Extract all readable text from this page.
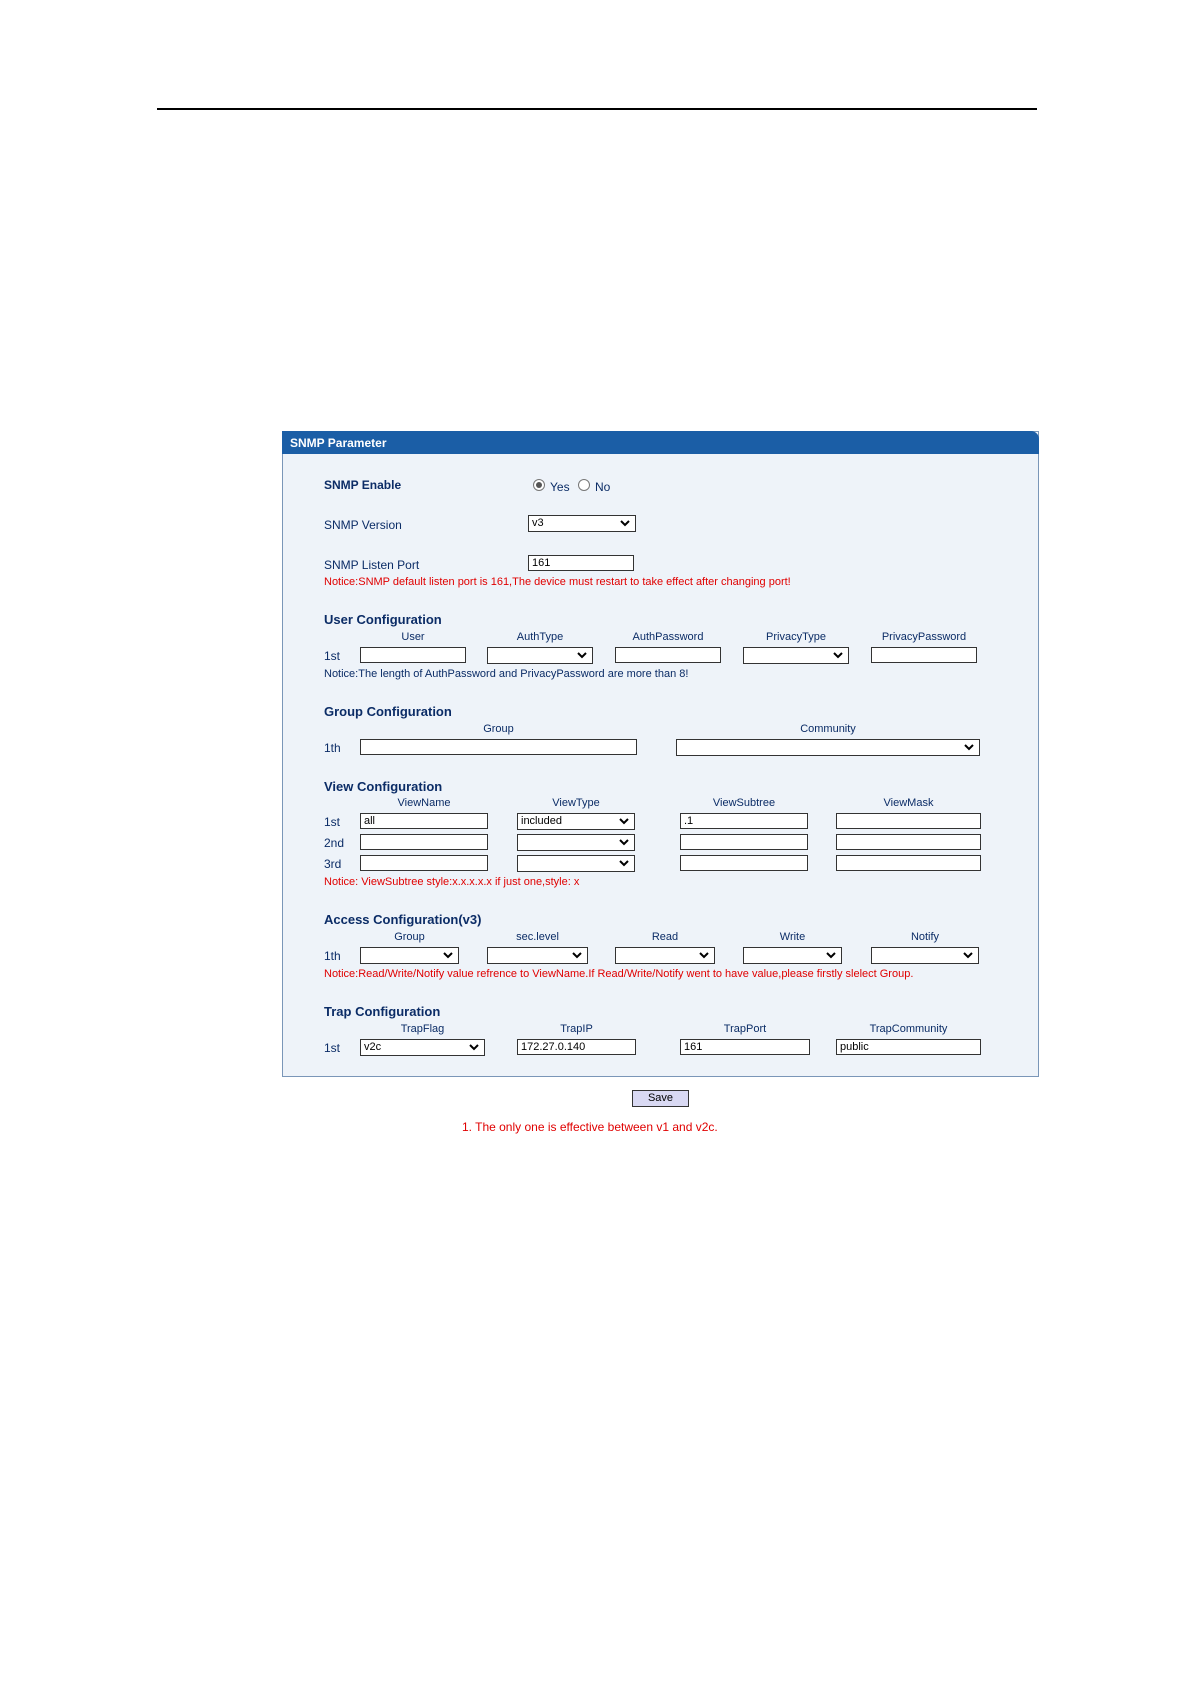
SNMP Parameter
SNMP Enable	Yes No
SNMP Version	v3
SNMP Listen Port	161
Notice:SNMP default listen port is 161,The device must restart to take effect after changing port!
User Configuration
User	AuthType	AuthPassword	PrivacyType	PrivacyPassword
1st
Notice:The length of AuthPassword and PrivacyPassword are more than 8!
Group Configuration
Group	Community
1th
View Configuration
ViewName	ViewType	ViewSubtree	ViewMask
1st	all	included	.1
2nd
3rd
Notice: ViewSubtree style:x.x.x.x.x if just one,style: x
Access Configuration(v3)
Group	sec.level	Read	Write	Notify
1th
Notice:Read/Write/Notify value refrence to ViewName.If Read/Write/Notify went to have value,please firstly slelect Group.
Trap Configuration
TrapFlag	TrapIP	TrapPort	TrapCommunity
1st	v2c	172.27.0.140	161	public
Save
1. The only one is effective between v1 and v2c.
